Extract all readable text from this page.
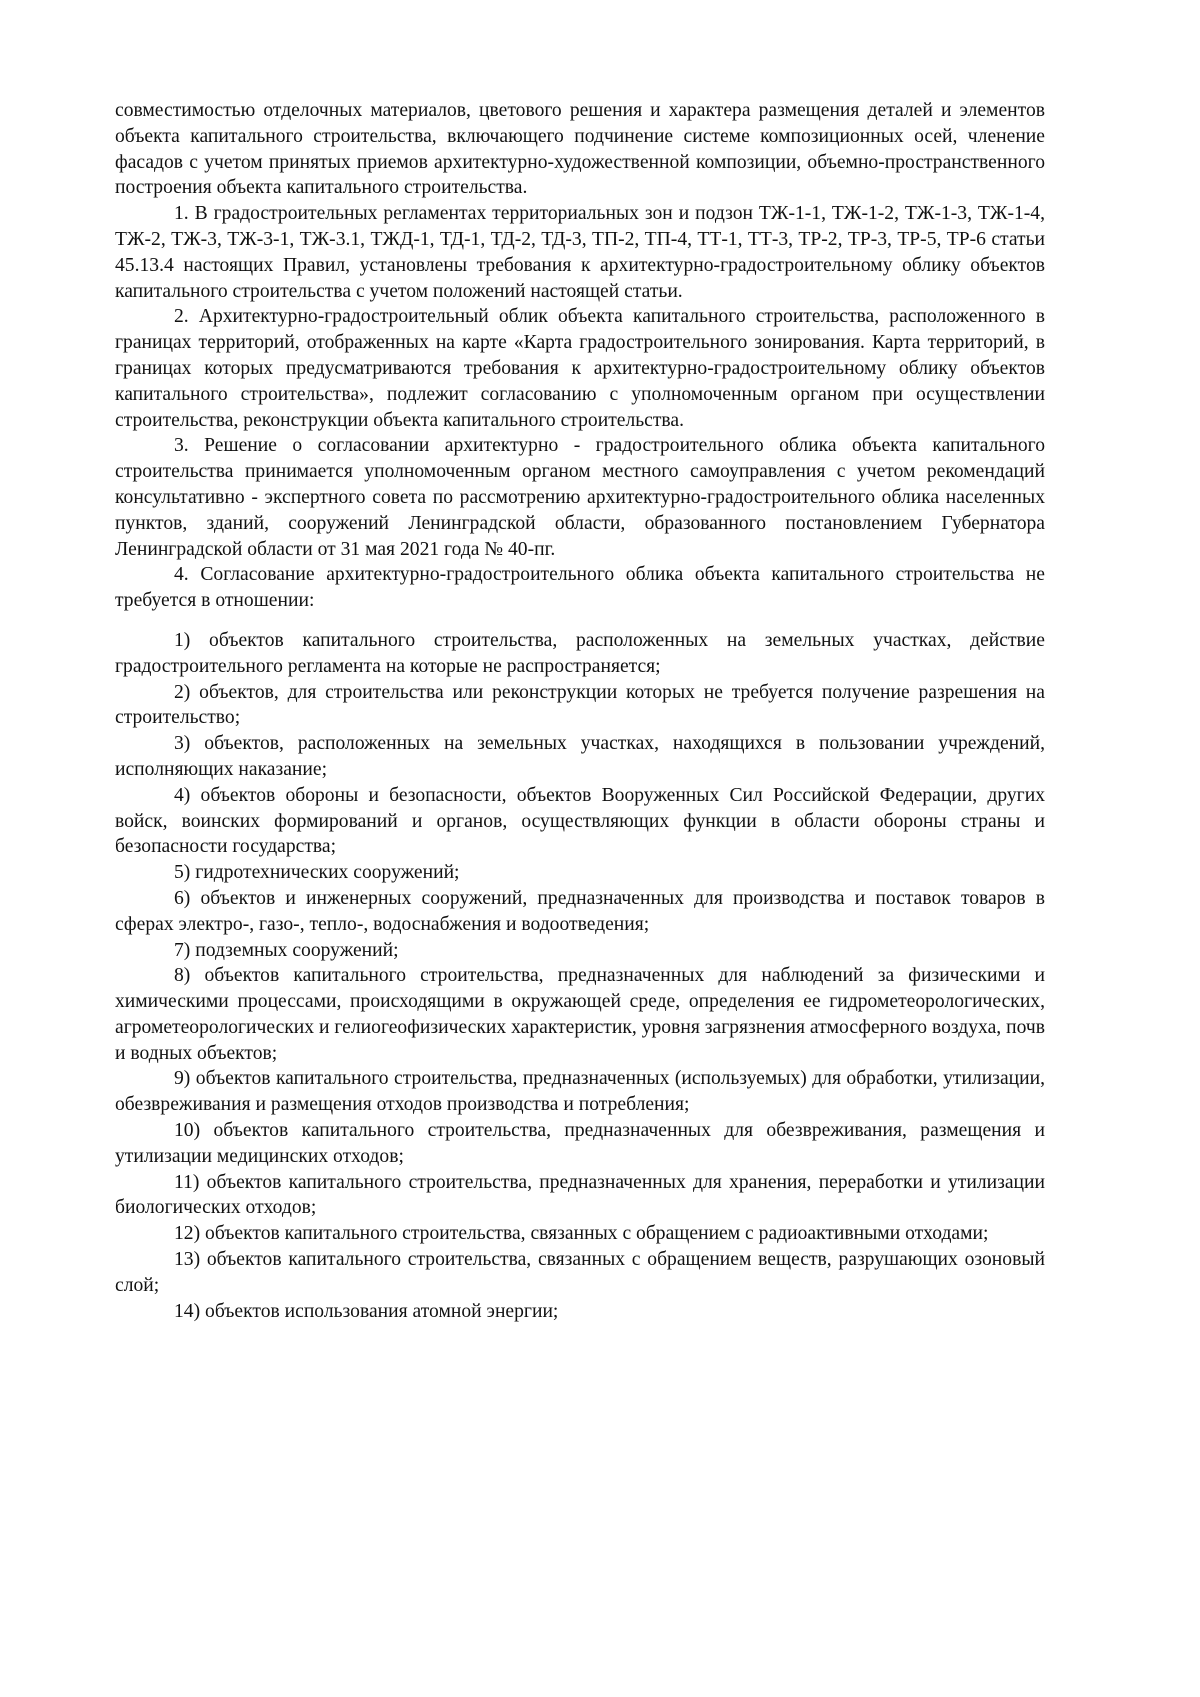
совместимостью отделочных материалов, цветового решения и характера размещения деталей и элементов объекта капитального строительства, включающего подчинение системе композиционных осей, членение фасадов с учетом принятых приемов архитектурно-художественной композиции, объемно-пространственного построения объекта капитального строительства.

1. В градостроительных регламентах территориальных зон и подзон ТЖ-1-1, ТЖ-1-2, ТЖ-1-3, ТЖ-1-4, ТЖ-2, ТЖ-3, ТЖ-3-1, ТЖ-3.1, ТЖД-1, ТД-1, ТД-2, ТД-3, ТП-2, ТП-4, ТТ-1, ТТ-3, ТР-2, ТР-3, ТР-5, ТР-6 статьи 45.13.4 настоящих Правил, установлены требования к архитектурно-градостроительному облику объектов капитального строительства с учетом положений настоящей статьи.

2. Архитектурно-градостроительный облик объекта капитального строительства, расположенного в границах территорий, отображенных на карте «Карта градостроительного зонирования. Карта территорий, в границах которых предусматриваются требования к архитектурно-градостроительному облику объектов капитального строительства», подлежит согласованию с уполномоченным органом при осуществлении строительства, реконструкции объекта капитального строительства.

3. Решение о согласовании архитектурно - градостроительного облика объекта капитального строительства принимается уполномоченным органом местного самоуправления с учетом рекомендаций консультативно - экспертного совета по рассмотрению архитектурно-градостроительного облика населенных пунктов, зданий, сооружений Ленинградской области, образованного постановлением Губернатора Ленинградской области от 31 мая 2021 года № 40-пг.

4. Согласование архитектурно-градостроительного облика объекта капитального строительства не требуется в отношении:

1) объектов капитального строительства, расположенных на земельных участках, действие градостроительного регламента на которые не распространяется;

2) объектов, для строительства или реконструкции которых не требуется получение разрешения на строительство;

3) объектов, расположенных на земельных участках, находящихся в пользовании учреждений, исполняющих наказание;

4) объектов обороны и безопасности, объектов Вооруженных Сил Российской Федерации, других войск, воинских формирований и органов, осуществляющих функции в области обороны страны и безопасности государства;

5) гидротехнических сооружений;

6) объектов и инженерных сооружений, предназначенных для производства и поставок товаров в сферах электро-, газо-, тепло-, водоснабжения и водоотведения;

7) подземных сооружений;

8) объектов капитального строительства, предназначенных для наблюдений за физическими и химическими процессами, происходящими в окружающей среде, определения ее гидрометеорологических, агрометеорологических и гелиогеофизических характеристик, уровня загрязнения атмосферного воздуха, почв и водных объектов;

9) объектов капитального строительства, предназначенных (используемых) для обработки, утилизации, обезвреживания и размещения отходов производства и потребления;

10) объектов капитального строительства, предназначенных для обезвреживания, размещения и утилизации медицинских отходов;

11) объектов капитального строительства, предназначенных для хранения, переработки и утилизации биологических отходов;

12) объектов капитального строительства, связанных с обращением с радиоактивными отходами;

13) объектов капитального строительства, связанных с обращением веществ, разрушающих озоновый слой;

14) объектов использования атомной энергии;
